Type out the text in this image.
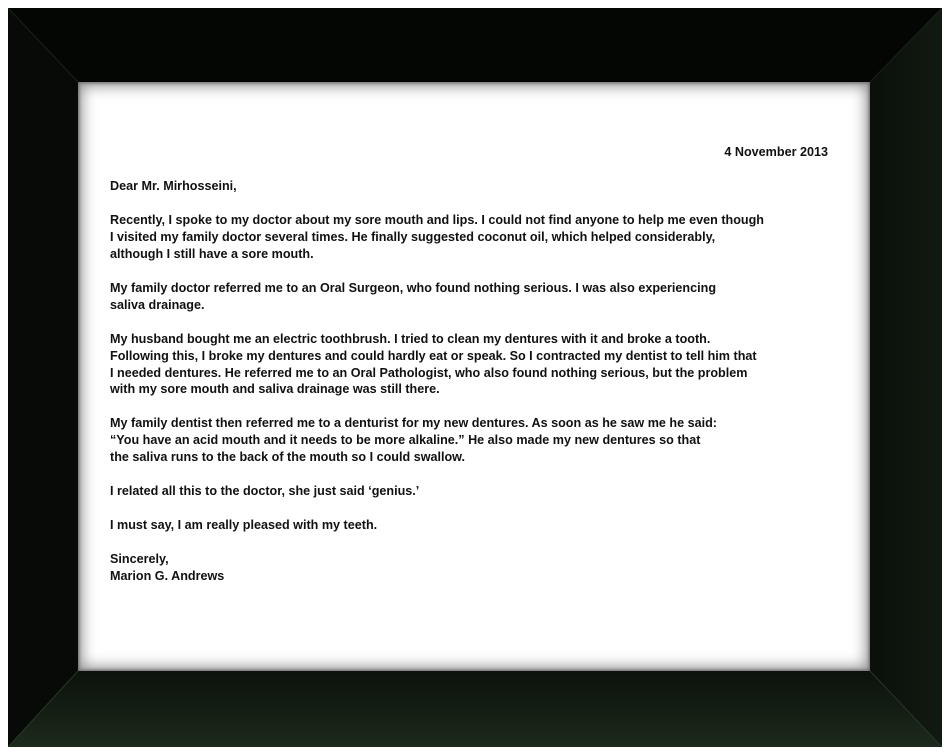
4 November 2013
Dear Mr. Mirhosseini,
Recently, I spoke to my doctor about my sore mouth and lips. I could not find anyone to help me even though
I visited my family doctor several times. He finally suggested coconut oil, which helped considerably,
although I still have a sore mouth.
My family doctor referred me to an Oral Surgeon, who found nothing serious. I was also experiencing
saliva drainage.
My husband bought me an electric toothbrush. I tried to clean my dentures with it and broke a tooth.
Following this, I broke my dentures and could hardly eat or speak. So I contracted my dentist to tell him that
I needed dentures. He referred me to an Oral Pathologist, who also found nothing serious, but the problem
with my sore mouth and saliva drainage was still there.
My family dentist then referred me to a denturist for my new dentures. As soon as he saw me he said:
“You have an acid mouth and it needs to be more alkaline.” He also made my new dentures so that
the saliva runs to the back of the mouth so I could swallow.
I related all this to the doctor, she just said ‘genius.’
I must say, I am really pleased with my teeth.
Sincerely,
Marion G. Andrews
